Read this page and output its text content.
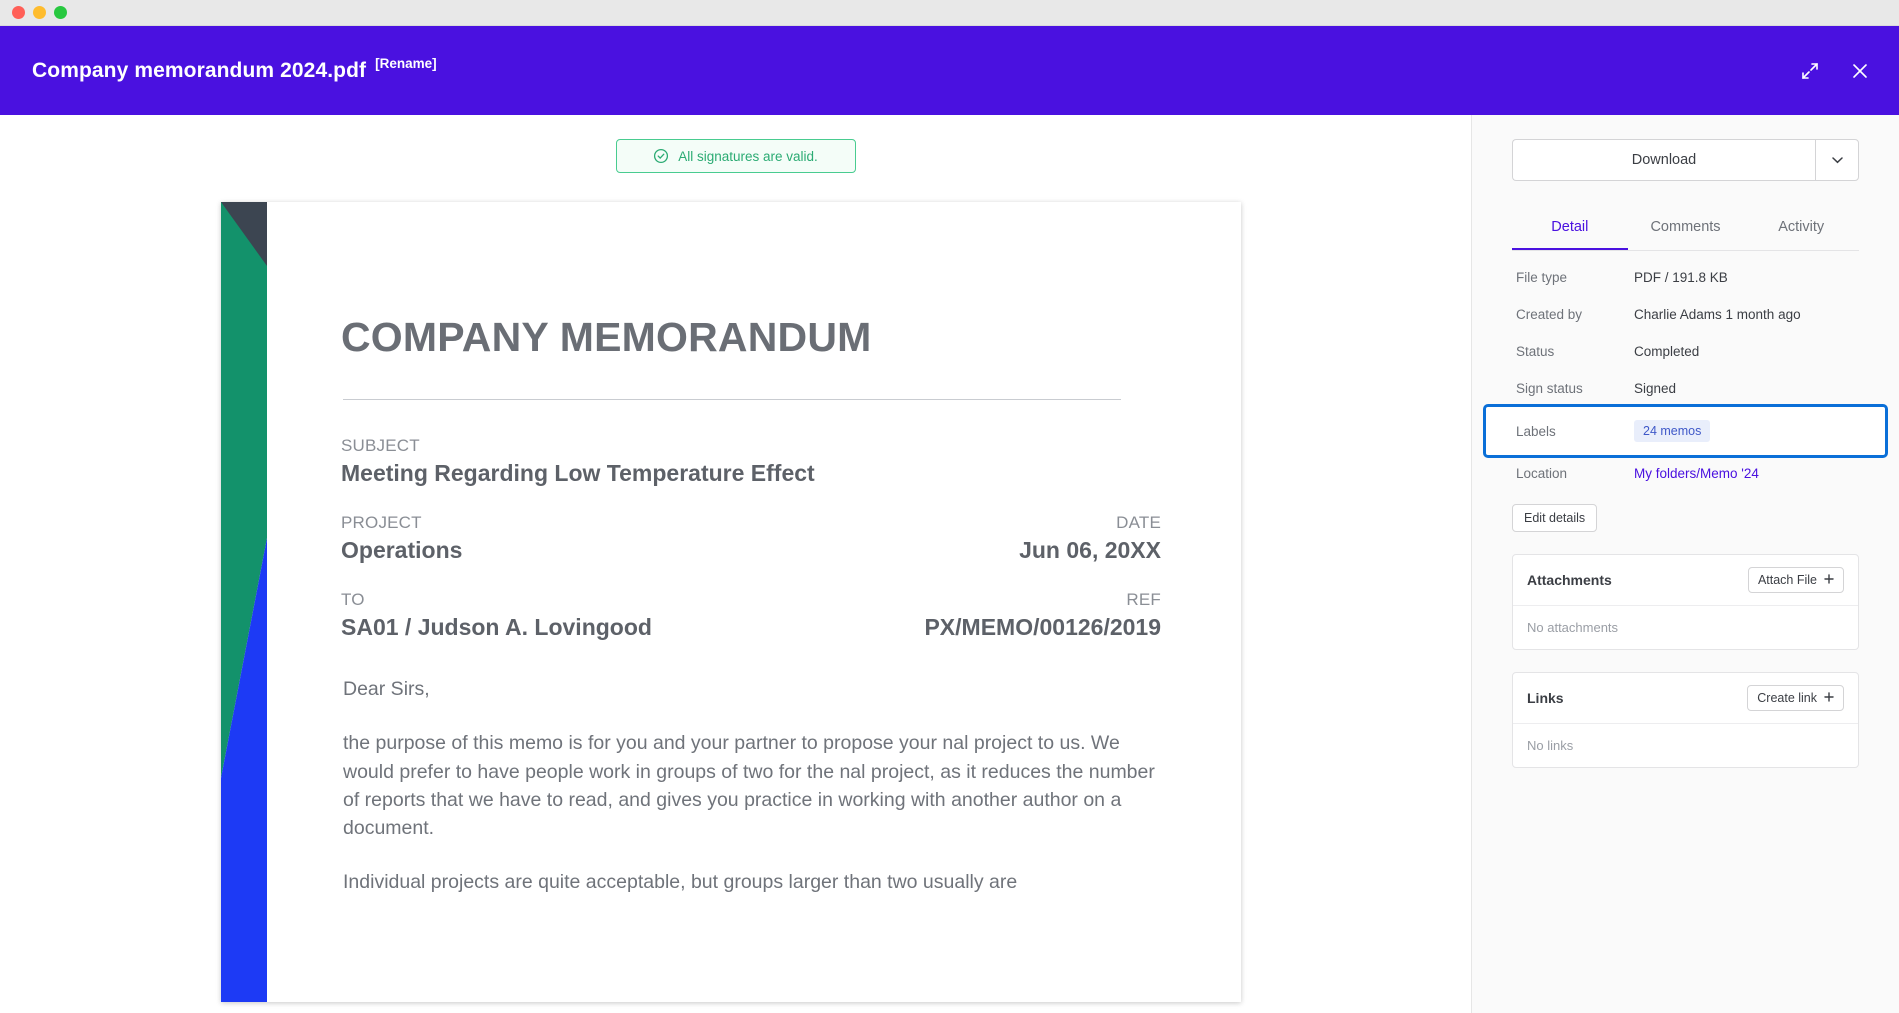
Company memorandum 2024.pdf [Rename]
All signatures are valid.
COMPANY MEMORANDUM
SUBJECT
Meeting Regarding Low Temperature Effect
PROJECT
Operations
DATE
Jun 06, 20XX
TO
SA01 / Judson A. Lovingood
REF
PX/MEMO/00126/2019

Dear Sirs,

the purpose of this memo is for you and your partner to propose your nal project to us. We would prefer to have people work in groups of two for the nal project, as it reduces the number of reports that we have to read, and gives you practice in working with another author on a document.

Individual projects are quite acceptable, but groups larger than two usually are

Download
Detail	Comments	Activity
File type	PDF / 191.8 KB
Created by	Charlie Adams 1 month ago
Status	Completed
Sign status	Signed
Labels	24 memos
Location	My folders/Memo '24
Edit details
Attachments	Attach File
No attachments
Links	Create link
No links
